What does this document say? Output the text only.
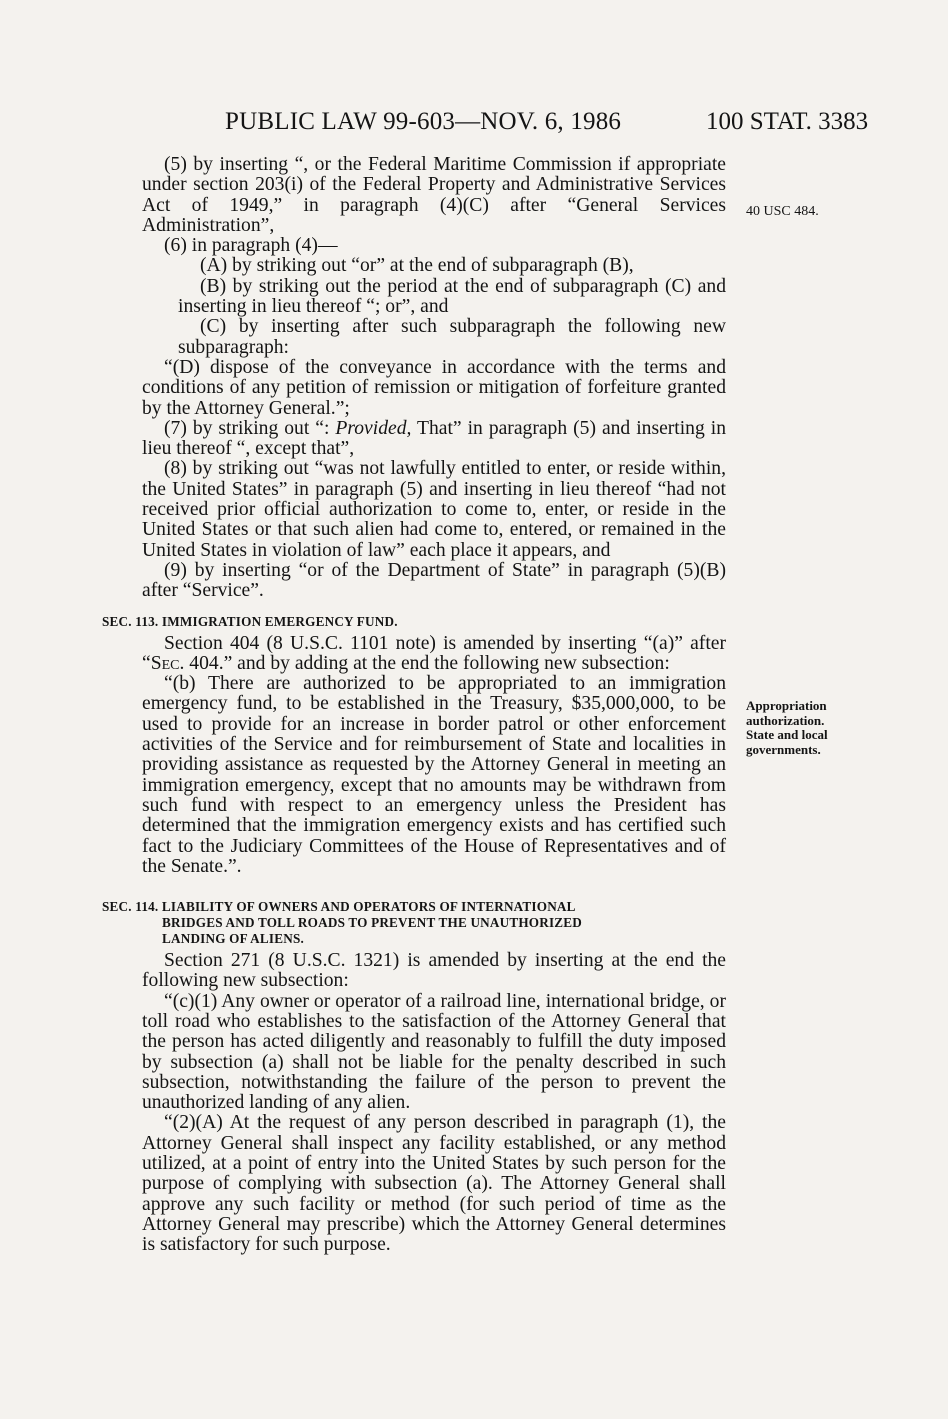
PUBLIC LAW 99-603—NOV. 6, 1986	100 STAT. 3383
40 USC 484.
Appropriation
authorization.
State and local
governments.

(5) by inserting “, or the Federal Maritime Commission if appropriate under section 203(i) of the Federal Property and Administrative Services Act of 1949,” in paragraph (4)(C) after “General Services Administration”,

(6) in paragraph (4)—

(A) by striking out “or” at the end of subparagraph (B),

(B) by striking out the period at the end of subparagraph (C) and inserting in lieu thereof “; or”, and

(C) by inserting after such subparagraph the following new subparagraph:

“(D) dispose of the conveyance in accordance with the terms and conditions of any petition of remission or mitigation of forfeiture granted by the Attorney General.”;

(7) by striking out “: Provided, That” in paragraph (5) and inserting in lieu thereof “, except that”,

(8) by striking out “was not lawfully entitled to enter, or reside within, the United States” in paragraph (5) and inserting in lieu thereof “had not received prior official authorization to come to, enter, or reside in the United States or that such alien had come to, entered, or remained in the United States in violation of law” each place it appears, and

(9) by inserting “or of the Department of State” in paragraph (5)(B) after “Service”.

SEC. 113. IMMIGRATION EMERGENCY FUND.

Section 404 (8 U.S.C. 1101 note) is amended by inserting “(a)” after “Sec. 404.” and by adding at the end the following new subsection:

“(b) There are authorized to be appropriated to an immigration emergency fund, to be established in the Treasury, $35,000,000, to be used to provide for an increase in border patrol or other enforcement activities of the Service and for reimbursement of State and localities in providing assistance as requested by the Attorney General in meeting an immigration emergency, except that no amounts may be withdrawn from such fund with respect to an emergency unless the President has determined that the immigration emergency exists and has certified such fact to the Judiciary Committees of the House of Representatives and of the Senate.”.

SEC. 114. LIABILITY OF OWNERS AND OPERATORS OF INTERNATIONAL
BRIDGES AND TOLL ROADS TO PREVENT THE UNAUTHORIZED
LANDING OF ALIENS.

Section 271 (8 U.S.C. 1321) is amended by inserting at the end the following new subsection:

“(c)(1) Any owner or operator of a railroad line, international bridge, or toll road who establishes to the satisfaction of the Attorney General that the person has acted diligently and reasonably to fulfill the duty imposed by subsection (a) shall not be liable for the penalty described in such subsection, notwithstanding the failure of the person to prevent the unauthorized landing of any alien.

“(2)(A) At the request of any person described in paragraph (1), the Attorney General shall inspect any facility established, or any method utilized, at a point of entry into the United States by such person for the purpose of complying with subsection (a). The Attorney General shall approve any such facility or method (for such period of time as the Attorney General may prescribe) which the Attorney General determines is satisfactory for such purpose.
